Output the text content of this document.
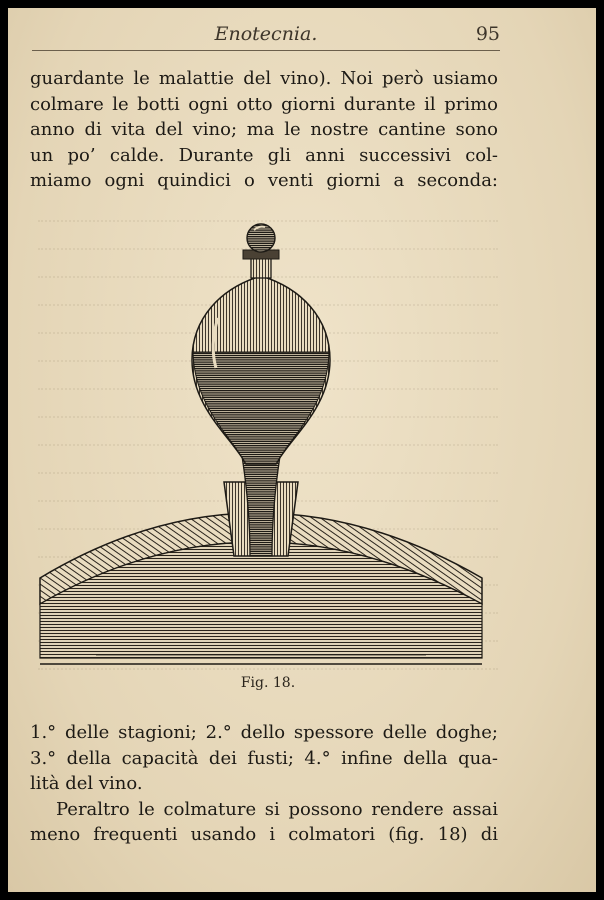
Enotecnia.	95
guardante le malattie del vino). Noi però usiamo
colmare le botti ogni otto giorni durante il primo
anno di vita del vino; ma le nostre cantine sono
un po’ calde. Durante gli anni successivi col-
miamo ogni quindici o venti giorni a seconda:
Fig. 18.
1.° delle stagioni; 2.° dello spessore delle doghe;
3.° della capacità dei fusti; 4.° infine della qua-
lità del vino.
Peraltro le colmature si possono rendere assai
meno frequenti usando i colmatori (fig. 18) di
